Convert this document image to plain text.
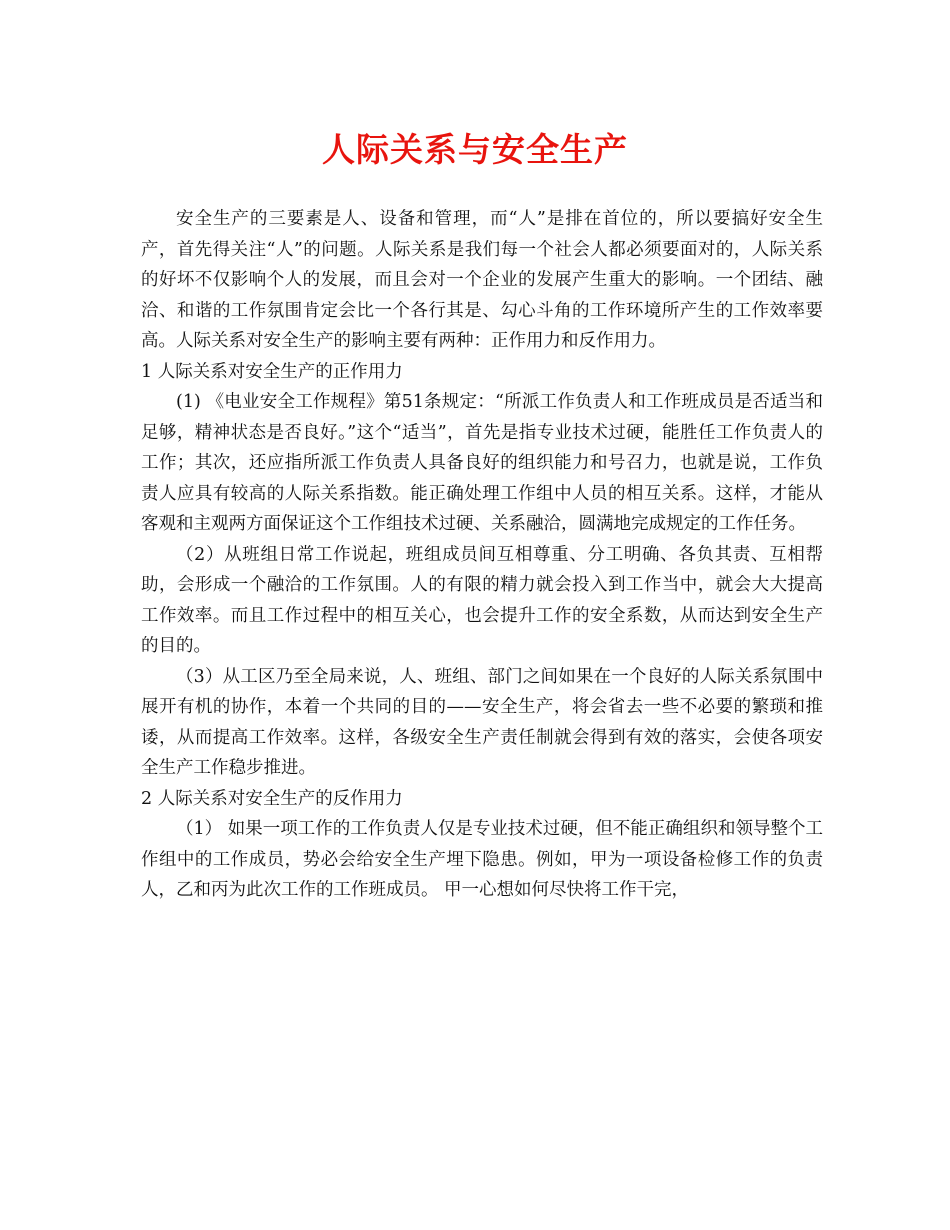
人际关系与安全生产

安全生产的三要素是人、设备和管理，而“人”是排在首位的，所以要搞好安全生产，首先得关注“人”的问题。人际关系是我们每一个社会人都必须要面对的，人际关系的好坏不仅影响个人的发展，而且会对一个企业的发展产生重大的影响。一个团结、融洽、和谐的工作氛围肯定会比一个各行其是、勾心斗角的工作环境所产生的工作效率要高。人际关系对安全生产的影响主要有两种：正作用力和反作用力。

1 人际关系对安全生产的正作用力

(1) 《电业安全工作规程》第51条规定：“所派工作负责人和工作班成员是否适当和足够，精神状态是否良好。”这个“适当”，首先是指专业技术过硬，能胜任工作负责人的工作；其次，还应指所派工作负责人具备良好的组织能力和号召力，也就是说，工作负责人应具有较高的人际关系指数。能正确处理工作组中人员的相互关系。这样，才能从客观和主观两方面保证这个工作组技术过硬、关系融洽，圆满地完成规定的工作任务。

（2）从班组日常工作说起，班组成员间互相尊重、分工明确、各负其责、互相帮助，会形成一个融洽的工作氛围。人的有限的精力就会投入到工作当中，就会大大提高工作效率。而且工作过程中的相互关心，也会提升工作的安全系数，从而达到安全生产的目的。

（3）从工区乃至全局来说，人、班组、部门之间如果在一个良好的人际关系氛围中展开有机的协作，本着一个共同的目的——安全生产，将会省去一些不必要的繁琐和推诿，从而提高工作效率。这样，各级安全生产责任制就会得到有效的落实，会使各项安全生产工作稳步推进。

2 人际关系对安全生产的反作用力

（1） 如果一项工作的工作负责人仅是专业技术过硬，但不能正确组织和领导整个工作组中的工作成员，势必会给安全生产埋下隐患。例如，甲为一项设备检修工作的负责人，乙和丙为此次工作的工作班成员。 甲一心想如何尽快将工作干完，
